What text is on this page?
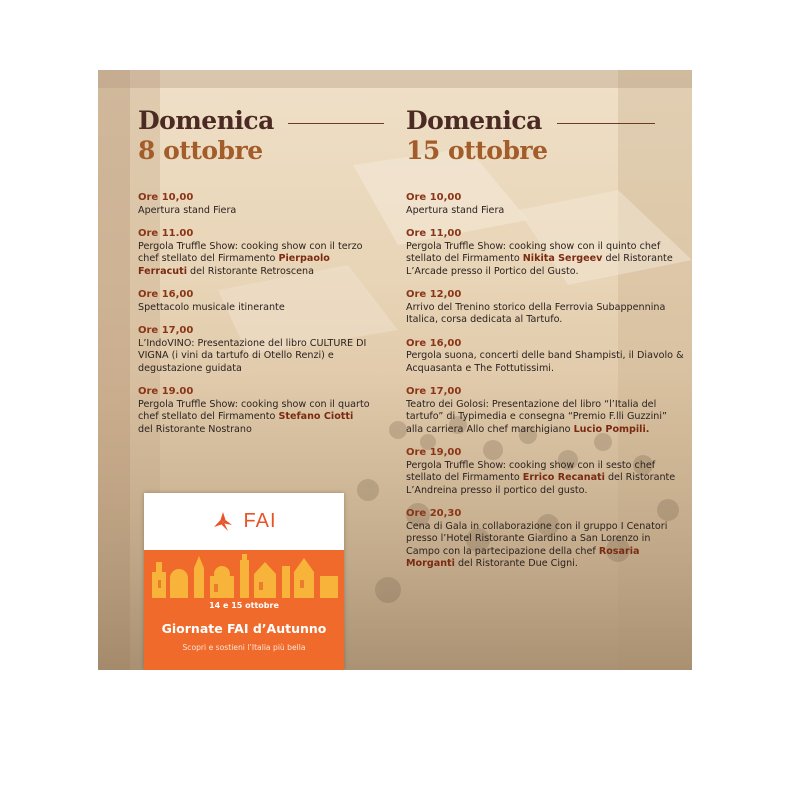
Domenica
8 ottobre
Ore 10,00
Apertura stand Fiera
Ore 11.00
Pergola Truffle Show: cooking show con il terzo chef stellato del Firmamento Pierpaolo Ferracuti del Ristorante Retroscena
Ore 16,00
Spettacolo musicale itinerante
Ore 17,00
L’IndoVINO: Presentazione del libro CULTURE DI VIGNA (i vini da tartufo di Otello Renzi) e degustazione guidata
Ore 19.00
Pergola Truffle Show: cooking show con il quarto chef stellato del Firmamento Stefano Ciotti del Ristorante Nostrano
Domenica
15 ottobre
Ore 10,00
Apertura stand Fiera
Ore 11,00
Pergola Truffle Show: cooking show con il quinto chef stellato del Firmamento Nikita Sergeev del Ristorante L’Arcade presso il Portico del Gusto.
Ore 12,00
Arrivo del Trenino storico della Ferrovia Subappennina Italica, corsa dedicata al Tartufo.
Ore 16,00
Pergola suona, concerti delle band Shampisti, il Diavolo & Acquasanta e The Fottutissimi.
Ore 17,00
Teatro dei Golosi: Presentazione del libro “l’Italia del tartufo” di Typimedia e consegna “Premio F.lli Guzzini” alla carriera Allo chef marchigiano Lucio Pompili.
Ore 19,00
Pergola Truffle Show: cooking show con il sesto chef stellato del Firmamento Errico Recanati del Ristorante L’Andreina presso il portico del gusto.
Ore 20,30
Cena di Gala in collaborazione con il gruppo I Cenatori presso l’Hotel Ristorante Giardino a San Lorenzo in Campo con la partecipazione della chef Rosaria Morganti del Ristorante Due Cigni.
FAI
14 e 15 ottobre
Giornate FAI d’Autunno
Scopri e sostieni l’Italia più bella
